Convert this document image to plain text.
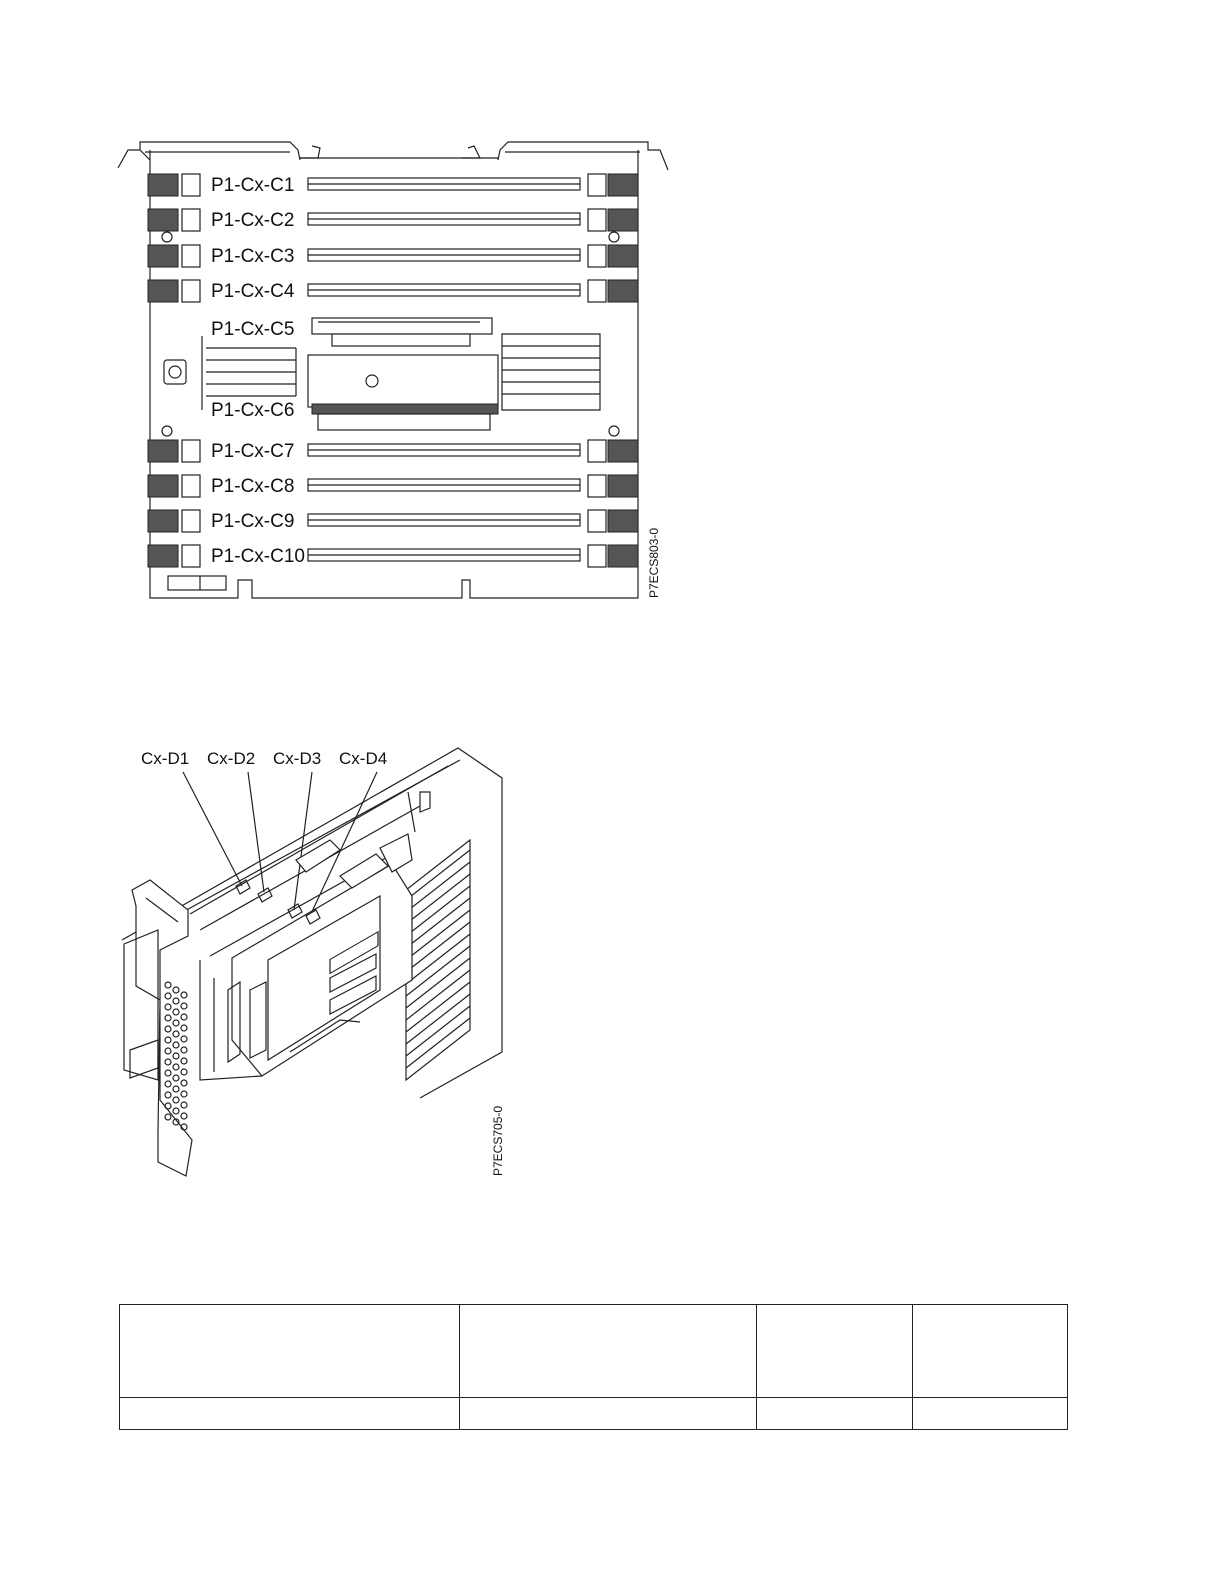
P1-Cx-C1
P1-Cx-C2
P1-Cx-C3
P1-Cx-C4
P1-Cx-C5
P1-Cx-C6
P1-Cx-C7
P1-Cx-C8
P1-Cx-C9
P1-Cx-C10	P7ECS803-0
Cx-D1 Cx-D2 Cx-D3 Cx-D4
P7ECS705-0
